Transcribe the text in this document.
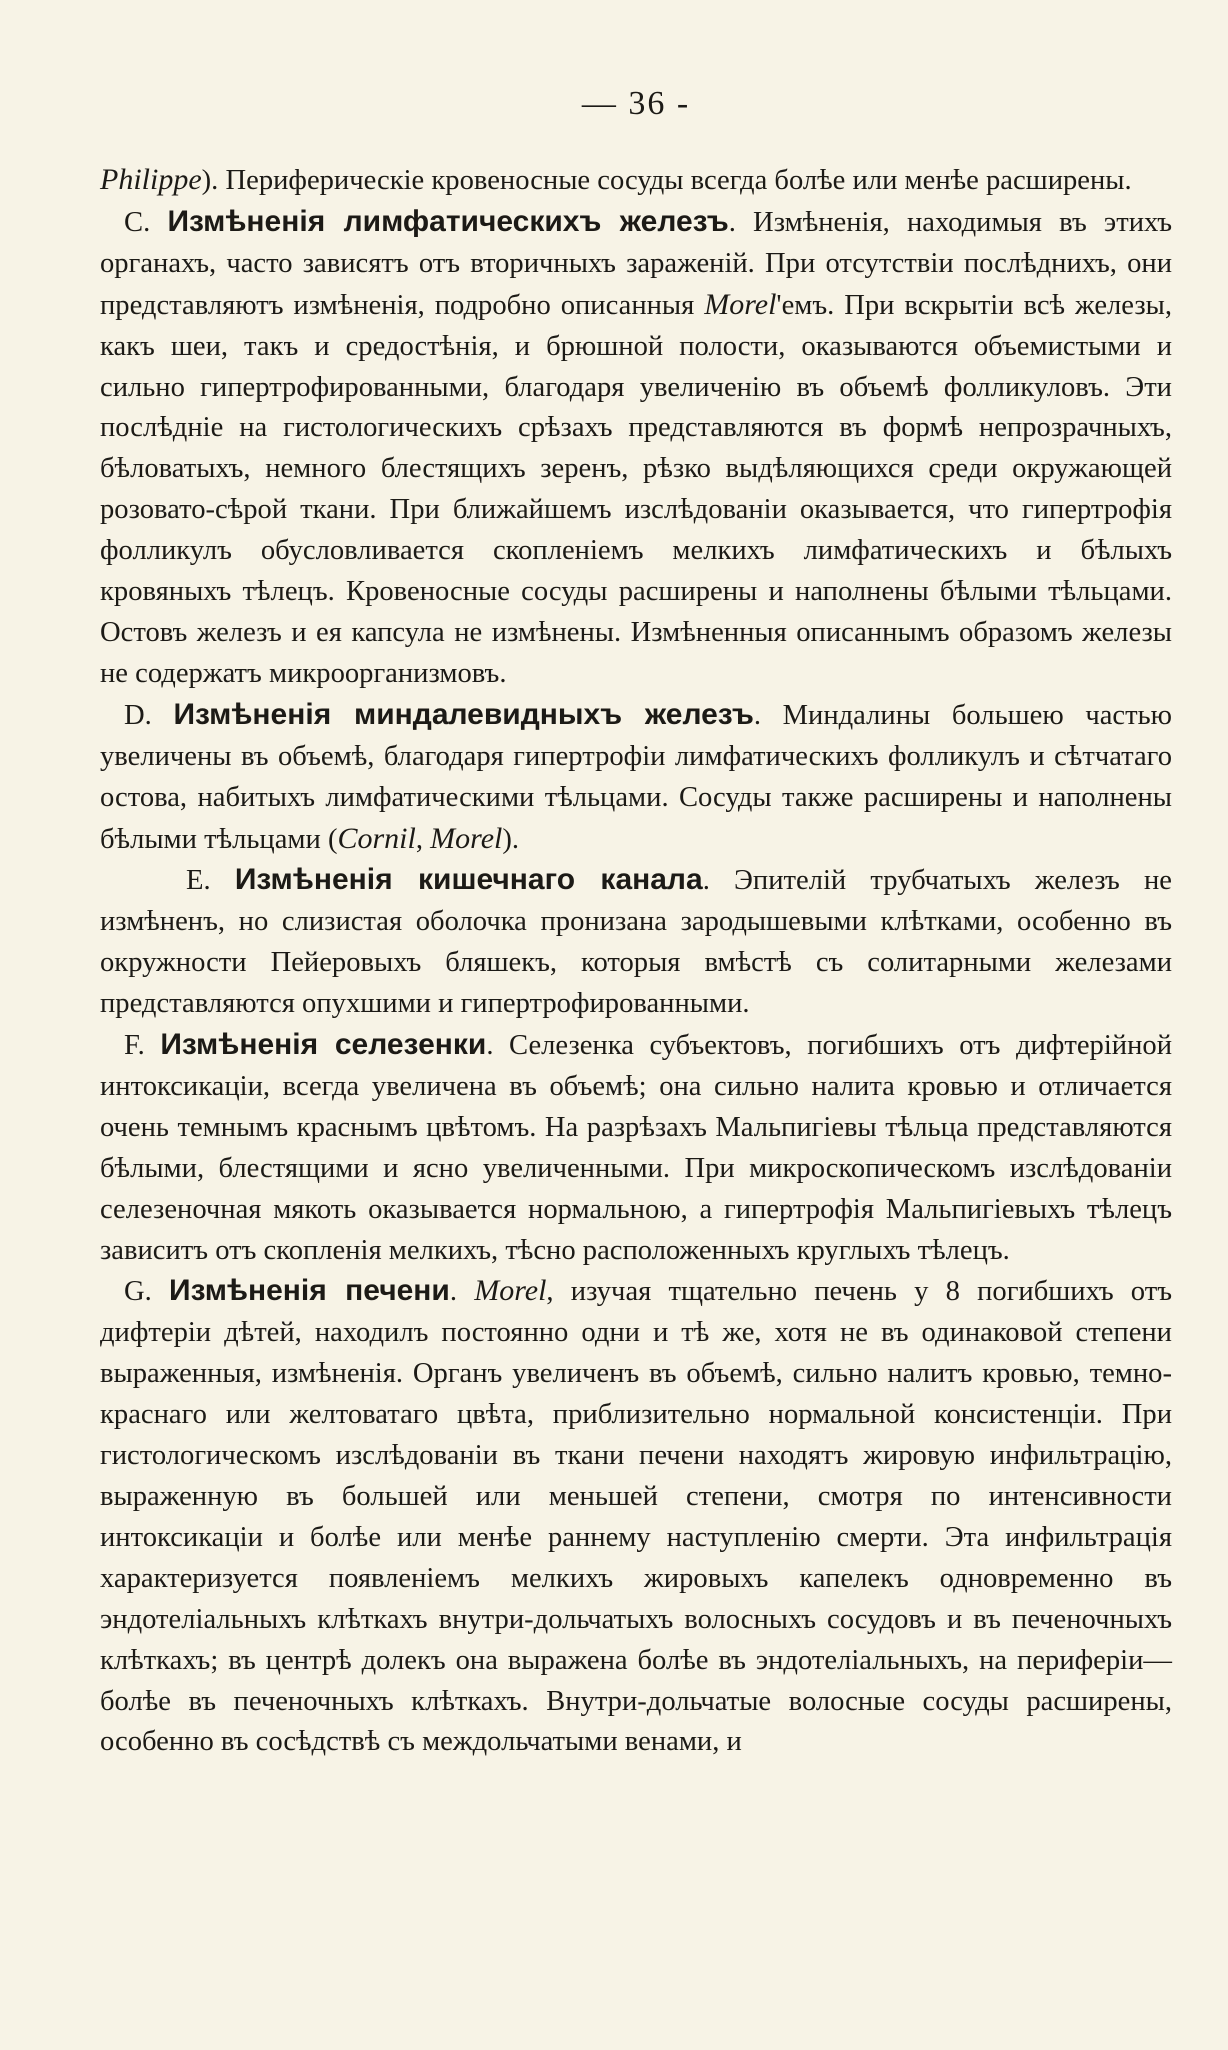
— 36 -

Philippe). Периферическіе кровеносные сосуды всегда болѣе или менѣе расширены.

C. Измѣненія лимфатическихъ железъ. Измѣненія, находимыя въ этихъ органахъ, часто зависятъ отъ вторичныхъ зараженій. При отсутствіи послѣднихъ, они представляютъ измѣненія, подробно описанныя Morel'емъ. При вскрытіи всѣ железы, какъ шеи, такъ и средостѣнія, и брюшной полости, оказываются объемистыми и сильно гипертрофированными, благодаря увеличенію въ объемѣ фолликуловъ. Эти послѣдніе на гистологическихъ срѣзахъ представляются въ формѣ непрозрачныхъ, бѣловатыхъ, немного блестящихъ зеренъ, рѣзко выдѣляющихся среди окружающей розовато-сѣрой ткани. При ближайшемъ изслѣдованіи оказывается, что гипертрофія фолликулъ обусловливается скопленіемъ мелкихъ лимфатическихъ и бѣлыхъ кровяныхъ тѣлецъ. Кровеносные сосуды расширены и наполнены бѣлыми тѣльцами. Остовъ железъ и ея капсула не измѣнены. Измѣненныя описаннымъ образомъ железы не содержатъ микроорганизмовъ.

D. Измѣненія миндалевидныхъ железъ. Миндалины большею частью увеличены въ объемѣ, благодаря гипертрофіи лимфатическихъ фолликулъ и сѣтчатаго остова, набитыхъ лимфатическими тѣльцами. Сосуды также расширены и наполнены бѣлыми тѣльцами (Cornil, Morel).

E. Измѣненія кишечнаго канала. Эпителій трубчатыхъ железъ не измѣненъ, но слизистая оболочка пронизана зародышевыми клѣтками, особенно въ окружности Пейеровыхъ бляшекъ, которыя вмѣстѣ съ солитарными железами представляются опухшими и гипертрофированными.

F. Измѣненія селезенки. Селезенка субъектовъ, погибшихъ отъ дифтерійной интоксикаціи, всегда увеличена въ объемѣ; она сильно налита кровью и отличается очень темнымъ краснымъ цвѣтомъ. На разрѣзахъ Мальпигіевы тѣльца представляются бѣлыми, блестящими и ясно увеличенными. При микроскопическомъ изслѣдованіи селезеночная мякоть оказывается нормальною, а гипертрофія Мальпигіевыхъ тѣлецъ зависитъ отъ скопленія мелкихъ, тѣсно расположенныхъ круглыхъ тѣлецъ.

G. Измѣненія печени. Morel, изучая тщательно печень у 8 погибшихъ отъ дифтеріи дѣтей, находилъ постоянно одни и тѣ же, хотя не въ одинаковой степени выраженныя, измѣненія. Органъ увеличенъ въ объемѣ, сильно налитъ кровью, темно-краснаго или желтоватаго цвѣта, приблизительно нормальной консистенціи. При гистологическомъ изслѣдованіи въ ткани печени находятъ жировую инфильтрацію, выраженную въ большей или меньшей степени, смотря по интенсивности интоксикаціи и болѣе или менѣе раннему наступленію смерти. Эта инфильтрація характеризуется появленіемъ мелкихъ жировыхъ капелекъ одновременно въ эндотеліальныхъ клѣткахъ внутри-дольчатыхъ волосныхъ сосудовъ и въ печеночныхъ клѣткахъ; въ центрѣ долекъ она выражена болѣе въ эндотеліальныхъ, на периферіи—болѣе въ печеночныхъ клѣткахъ. Внутри-дольчатые волосные сосуды расширены, особенно въ сосѣдствѣ съ междольчатыми венами, и
